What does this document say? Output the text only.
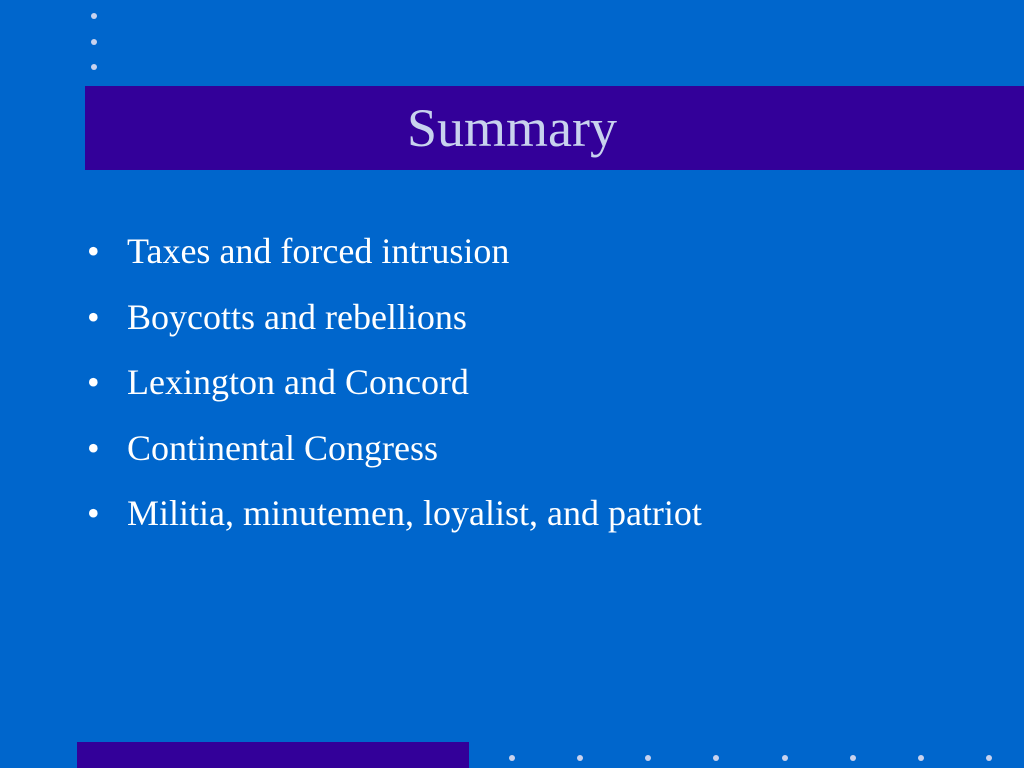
Summary
• Taxes and forced intrusion
• Boycotts and rebellions
• Lexington and Concord
• Continental Congress
• Militia, minutemen, loyalist, and patriot
